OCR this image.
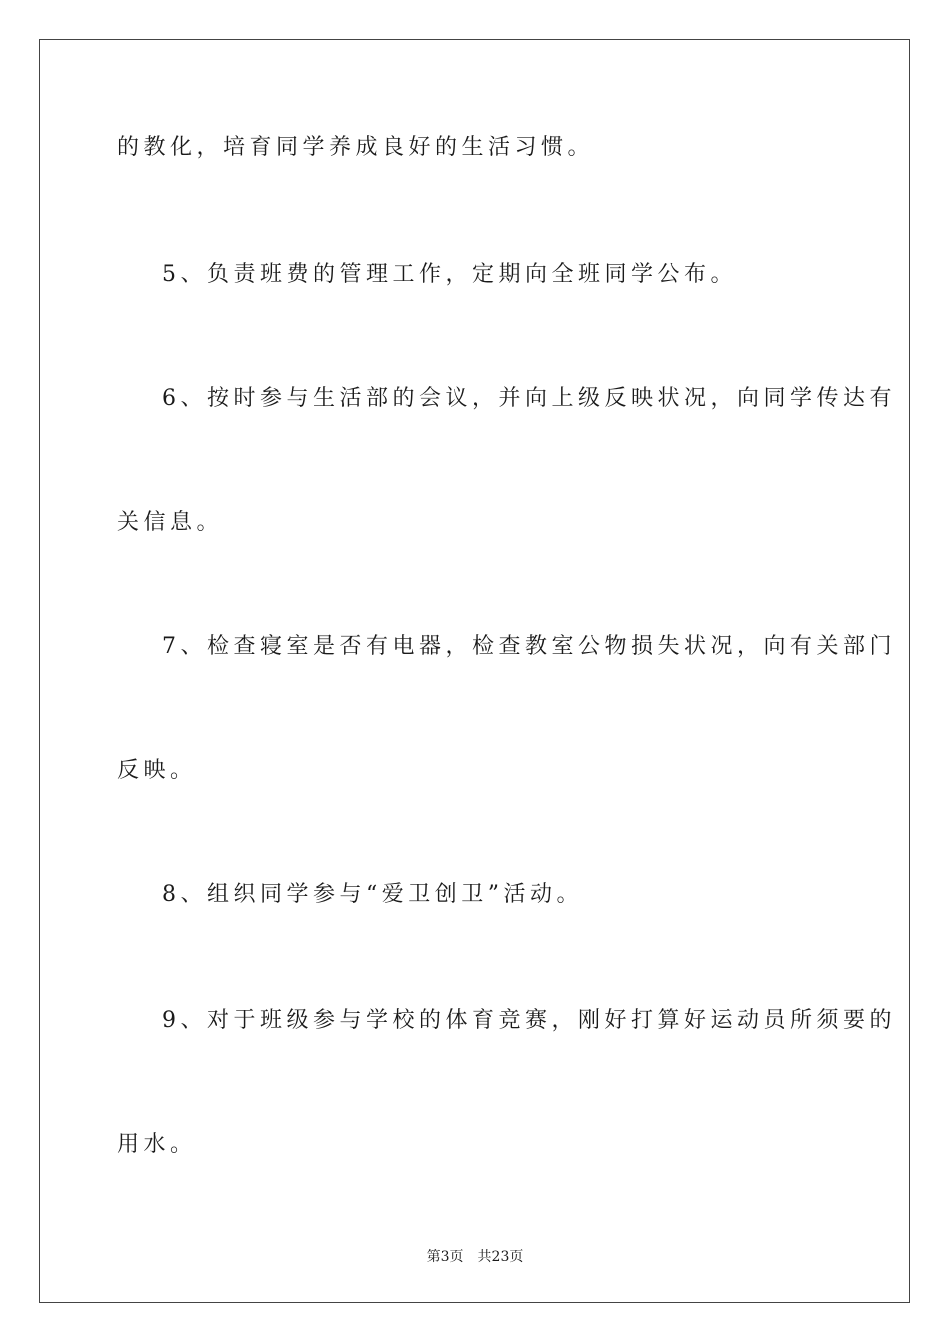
的教化，培育同学养成良好的生活习惯。
5、负责班费的管理工作，定期向全班同学公布。
6、按时参与生活部的会议，并向上级反映状况，向同学传达有
关信息。
7、检查寝室是否有电器，检查教室公物损失状况，向有关部门
反映。
8、组织同学参与“爱卫创卫”活动。
9、对于班级参与学校的体育竞赛，刚好打算好运动员所须要的
用水。
第3页 共23页
